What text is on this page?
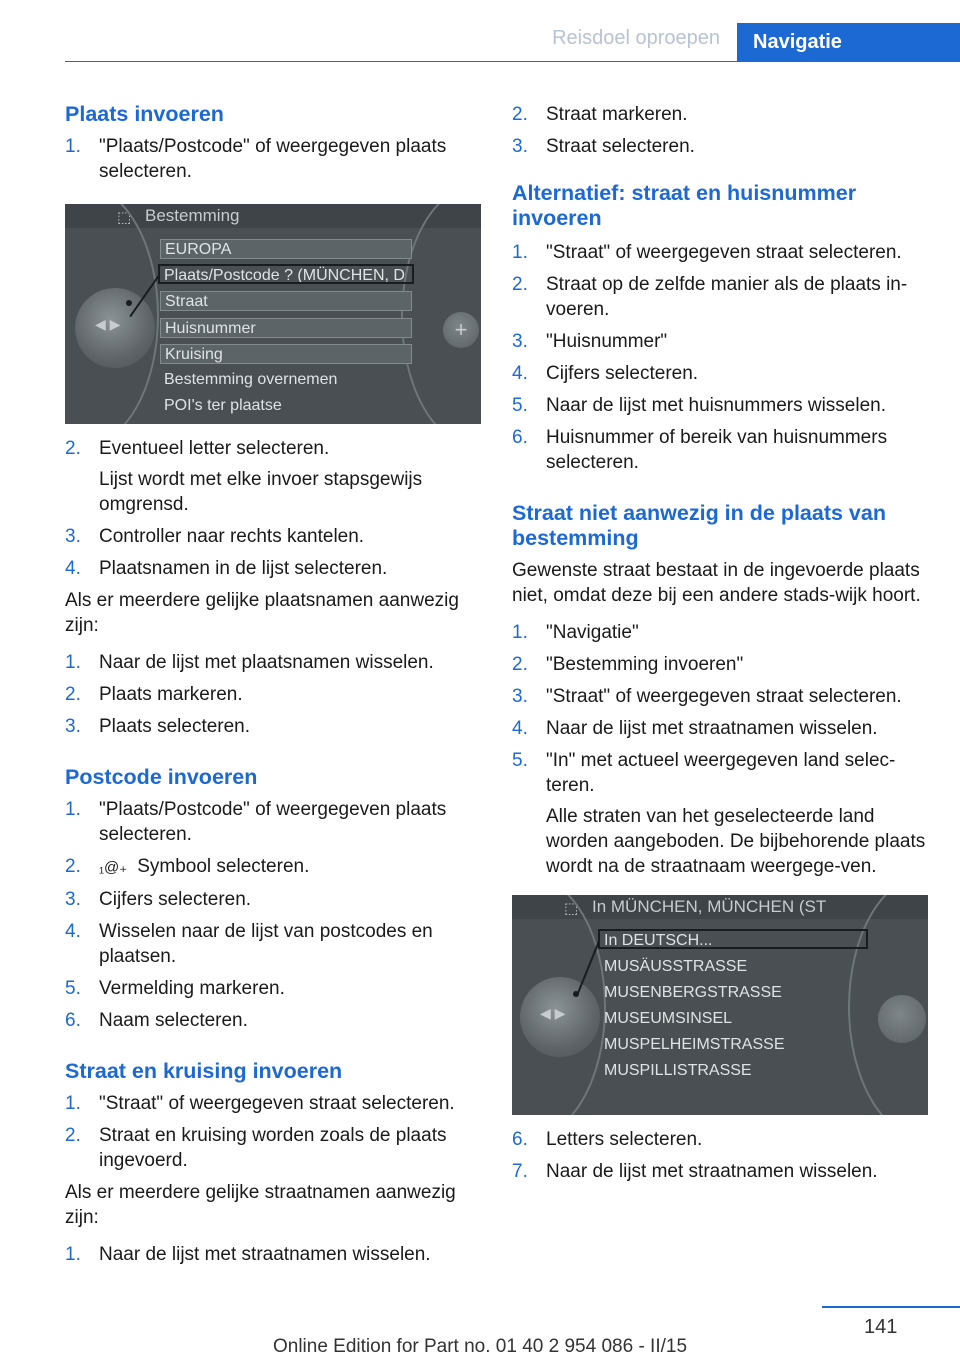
Reisdoel oproepen	Navigatie
Plaats invoeren
1. "Plaats/Postcode" of weergegeven plaats selecteren.
⬚ Bestemming
◀ ▶	+
EUROPA
Plaats/Postcode ? (MÜNCHEN, D
Straat
Huisnummer
Kruising
Bestemming overnemen
POI's ter plaatse
2. Eventueel letter selecteren.

Lijst wordt met elke invoer stapsgewijs omgrensd.

3. Controller naar rechts kantelen.
4. Plaatsnamen in de lijst selecteren.

Als er meerdere gelijke plaatsnamen aanwezig zijn:

1. Naar de lijst met plaatsnamen wisselen.
2. Plaats markeren.
3. Plaats selecteren.
Postcode invoeren
1. "Plaats/Postcode" of weergegeven plaats selecteren.
2.	₁@₊ Symbool selecteren.
3. Cijfers selecteren.
4. Wisselen naar de lijst van postcodes en plaatsen.
5. Vermelding markeren.
6. Naam selecteren.
Straat en kruising invoeren
1. "Straat" of weergegeven straat selecteren.
2. Straat en kruising worden zoals de plaats ingevoerd.

Als er meerdere gelijke straatnamen aanwezig zijn:

1. Naar de lijst met straatnamen wisselen.
2. Straat markeren.
3. Straat selecteren.
Alternatief: straat en huisnummer invoeren
1. "Straat" of weergegeven straat selecteren.
2. Straat op de zelfde manier als de plaats in‐voeren.
3. "Huisnummer"
4. Cijfers selecteren.
5. Naar de lijst met huisnummers wisselen.
6. Huisnummer of bereik van huisnummers selecteren.
Straat niet aanwezig in de plaats van bestemming

Gewenste straat bestaat in de ingevoerde plaats niet, omdat deze bij een andere stads‐wijk hoort.

1. "Navigatie"
2. "Bestemming invoeren"
3. "Straat" of weergegeven straat selecteren.
4. Naar de lijst met straatnamen wisselen.
5. "In" met actueel weergegeven land selec‐teren.

Alle straten van het geselecteerde land worden aangeboden. De bijbehorende plaats wordt na de straatnaam weergege‐ven.

⬚ In MÜNCHEN, MÜNCHEN (ST
◀ ▶
In DEUTSCH...
MUSÄUSSTRASSE
MUSENBERGSTRASSE
MUSEUMSINSEL
MUSPELHEIMSTRASSE
MUSPILLISTRASSE
6. Letters selecteren.
7. Naar de lijst met straatnamen wisselen.
141
Online Edition for Part no. 01 40 2 954 086 - II/15
